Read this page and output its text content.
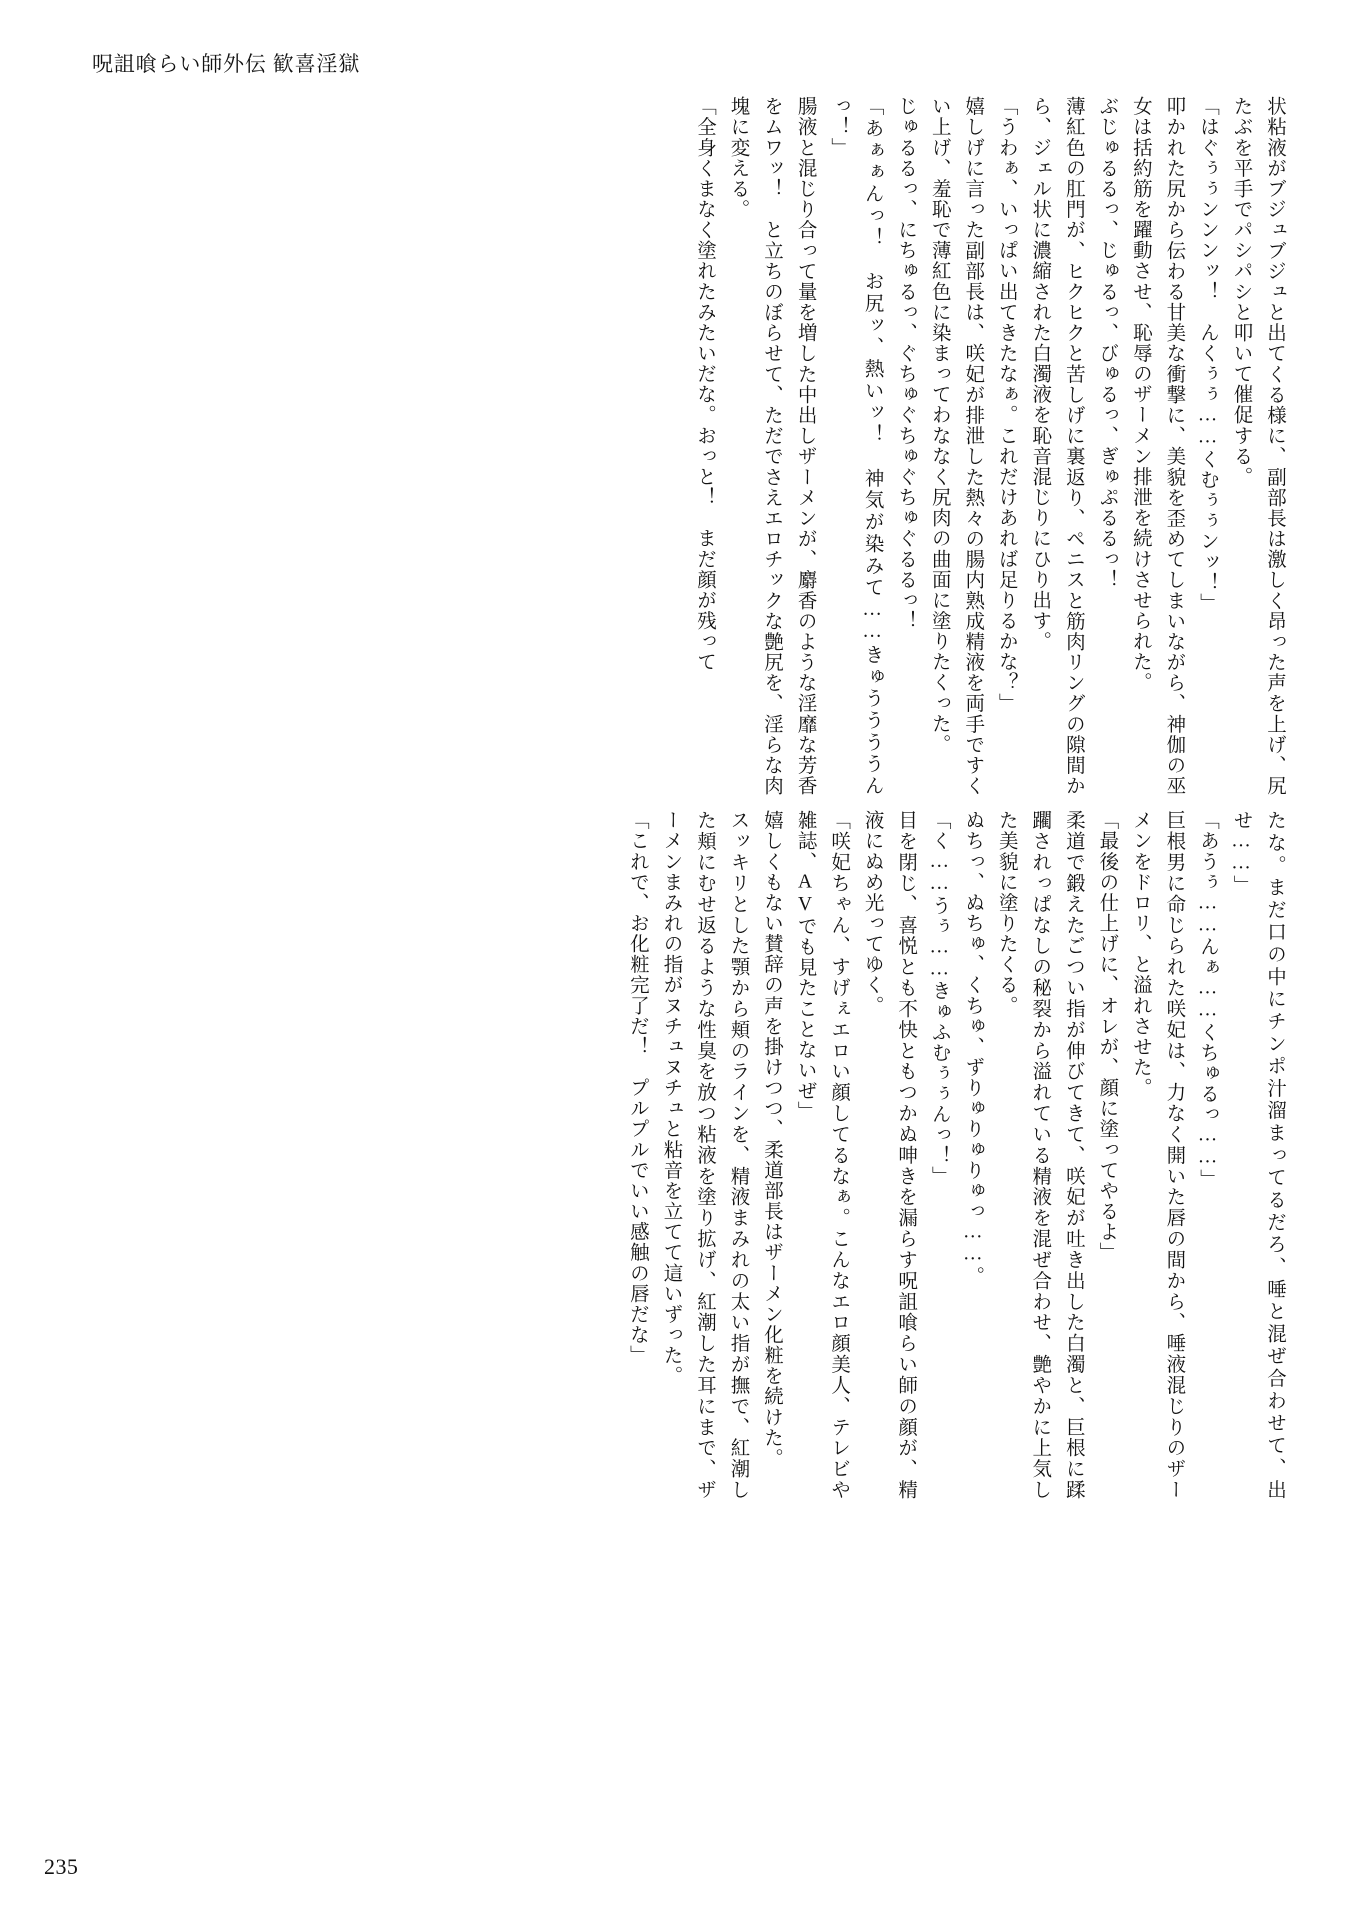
呪詛喰らい師外伝 歓喜淫獄

状粘液がブジュブジュと出てくる様に、副部長は激しく昂った声を上げ、尻たぶを平手でパシパシと叩いて催促する。

「はぐぅぅンンンッ！　んくぅぅ……くむぅぅンッ！」

叩かれた尻から伝わる甘美な衝撃に、美貌を歪めてしまいながら、神伽の巫女は括約筋を躍動させ、恥辱のザーメン排泄を続けさせられた。

ぶじゅるるっ、じゅるっ、びゅるっ、ぎゅぷるるっ！

薄紅色の肛門が、ヒクヒクと苦しげに裏返り、ペニスと筋肉リングの隙間から、ジェル状に濃縮された白濁液を恥音混じりにひり出す。

「うわぁ、いっぱい出てきたなぁ。これだけあれば足りるかな？」

嬉しげに言った副部長は、咲妃が排泄した熱々の腸内熟成精液を両手ですくい上げ、羞恥で薄紅色に染まってわななく尻肉の曲面に塗りたくった。

じゅるるっ、にちゅるっ、ぐちゅぐちゅぐちゅぐるるっ！

「あぁぁんっ！　お尻ッ、熱いッ！　神気が染みて……きゅううううんっ！」

腸液と混じり合って量を増した中出しザーメンが、麝香のような淫靡な芳香をムワッ！　と立ちのぼらせて、ただでさえエロチックな艶尻を、淫らな肉塊に変える。

「全身くまなく塗れたみたいだな。おっと！　まだ顔が残って

たな。まだ口の中にチンポ汁溜まってるだろ、唾と混ぜ合わせて、出せ……」

「あうぅ……んぁ……くちゅるっ……」

巨根男に命じられた咲妃は、力なく開いた唇の間から、唾液混じりのザーメンをドロリ、と溢れさせた。

「最後の仕上げに、オレが、顔に塗ってやるよ」

柔道で鍛えたごつい指が伸びてきて、咲妃が吐き出した白濁と、巨根に蹂躙されっぱなしの秘裂から溢れている精液を混ぜ合わせ、艶やかに上気した美貌に塗りたくる。

ぬちっ、ぬちゅ、くちゅ、ずりゅりゅりゅっ……。

「く……うぅ……きゅふむぅぅんっ！」

目を閉じ、喜悦とも不快ともつかぬ呻きを漏らす呪詛喰らい師の顔が、精液にぬめ光ってゆく。

「咲妃ちゃん、すげぇエロい顔してるなぁ。こんなエロ顔美人、テレビや雑誌、AVでも見たことないぜ」

嬉しくもない賛辞の声を掛けつつ、柔道部長はザーメン化粧を続けた。

スッキリとした顎から頬のラインを、精液まみれの太い指が撫で、紅潮した頬にむせ返るような性臭を放つ粘液を塗り拡げ、紅潮した耳にまで、ザーメンまみれの指がヌチュヌチュと粘音を立てて這いずった。

「これで、お化粧完了だ！　プルプルでいい感触の唇だな」

235
